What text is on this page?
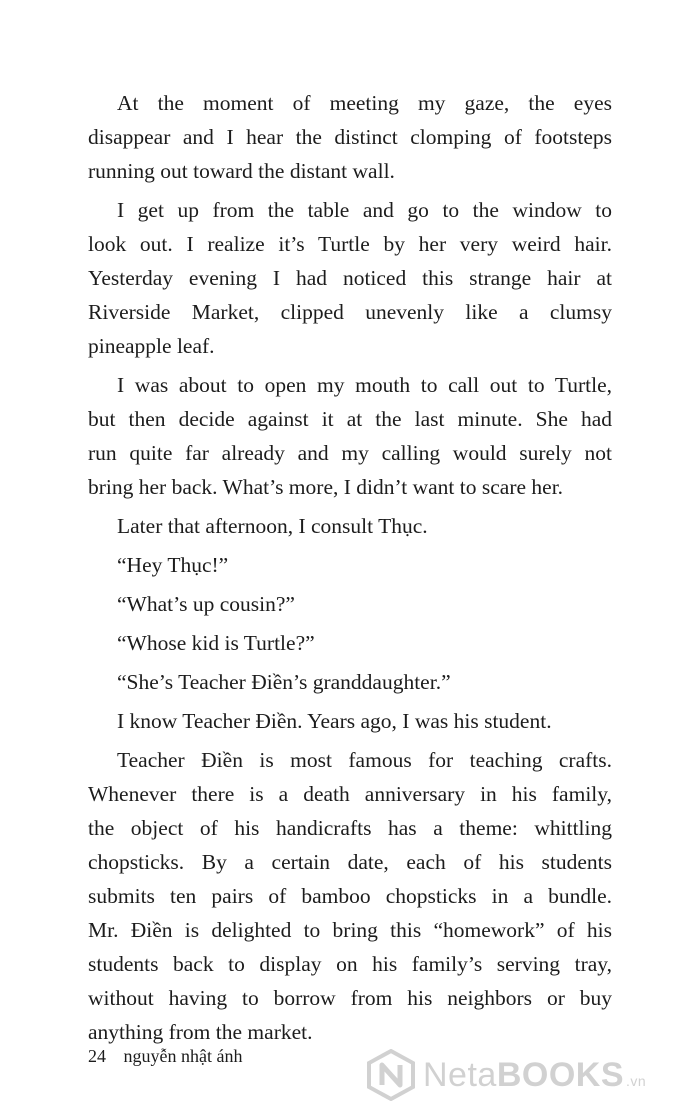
At the moment of meeting my gaze, the eyes
disappear and I hear the distinct clomping of footsteps
running out toward the distant wall.
I get up from the table and go to the window to
look out. I realize it’s Turtle by her very weird hair.
Yesterday evening I had noticed this strange hair at
Riverside Market, clipped unevenly like a clumsy
pineapple leaf.
I was about to open my mouth to call out to Turtle,
but then decide against it at the last minute. She had
run quite far already and my calling would surely not
bring her back. What’s more, I didn’t want to scare her.
Later that afternoon, I consult Thục.
“Hey Thục!”
“What’s up cousin?”
“Whose kid is Turtle?”
“She’s Teacher Điền’s granddaughter.”
I know Teacher Điền. Years ago, I was his student.
Teacher Điền is most famous for teaching crafts.
Whenever there is a death anniversary in his family,
the object of his handicrafts has a theme: whittling
chopsticks. By a certain date, each of his students
submits ten pairs of bamboo chopsticks in a bundle.
Mr. Điền is delighted to bring this “homework” of his
students back to display on his family’s serving tray,
without having to borrow from his neighbors or buy
anything from the market.
24 nguyễn nhật ánh	Neta BOOKS .vn
